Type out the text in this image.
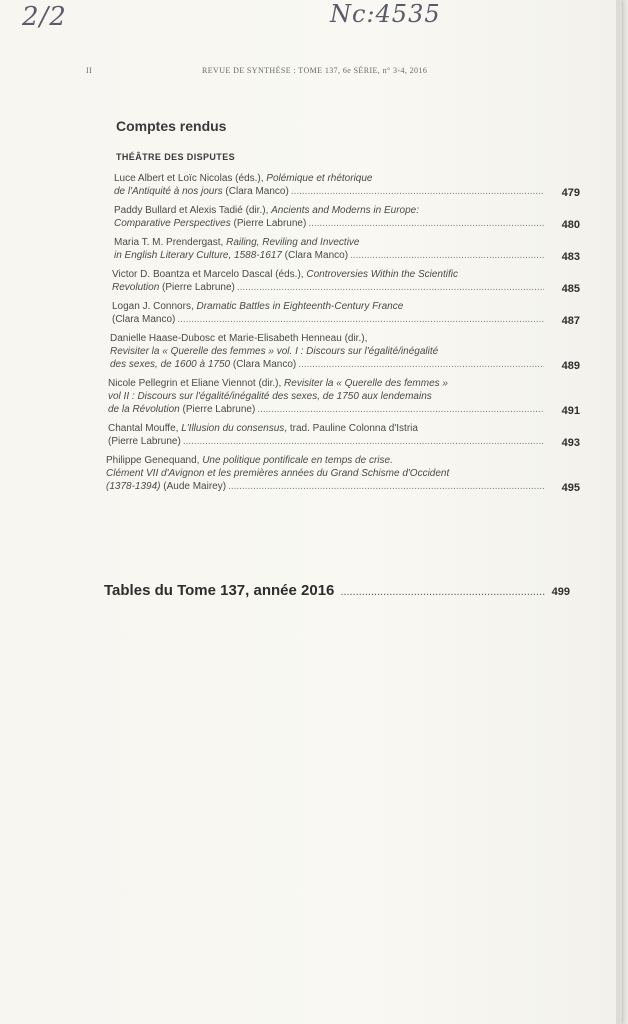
2/2	Nc:4535
II	REVUE DE SYNTHÈSE : TOME 137, 6e SÉRIE, n° 3-4, 2016
Comptes rendus
THÉÂTRE DES DISPUTES
Luce Albert et Loïc Nicolas (éds.), Polémique et rhétorique
de l'Antiquité à nos jours (Clara Manco) .....	479
Paddy Bullard et Alexis Tadié (dir.), Ancients and Moderns in Europe:
Comparative Perspectives (Pierre Labrune) .....	480
Maria T. M. Prendergast, Railing, Reviling and Invective
in English Literary Culture, 1588-1617 (Clara Manco) .....	483
Victor D. Boantza et Marcelo Dascal (éds.), Controversies Within the Scientific
Revolution (Pierre Labrune) .....	485
Logan J. Connors, Dramatic Battles in Eighteenth-Century France
(Clara Manco) .....	487
Danielle Haase-Dubosc et Marie-Elisabeth Henneau (dir.),
Revisiter la « Querelle des femmes » vol. I : Discours sur l'égalité/inégalité
des sexes, de 1600 à 1750 (Clara Manco) .....	489
Nicole Pellegrin et Eliane Viennot (dir.), Revisiter la « Querelle des femmes »
vol II : Discours sur l'égalité/inégalité des sexes, de 1750 aux lendemains
de la Révolution (Pierre Labrune) .....	491
Chantal Mouffe, L'Illusion du consensus, trad. Pauline Colonna d'Istria
(Pierre Labrune) .....	493
Philippe Genequand, Une politique pontificale en temps de crise.
Clément VII d'Avignon et les premières années du Grand Schisme d'Occident
(1378-1394) (Aude Mairey) .....	495
Tables du Tome 137, année 2016 .....	499
